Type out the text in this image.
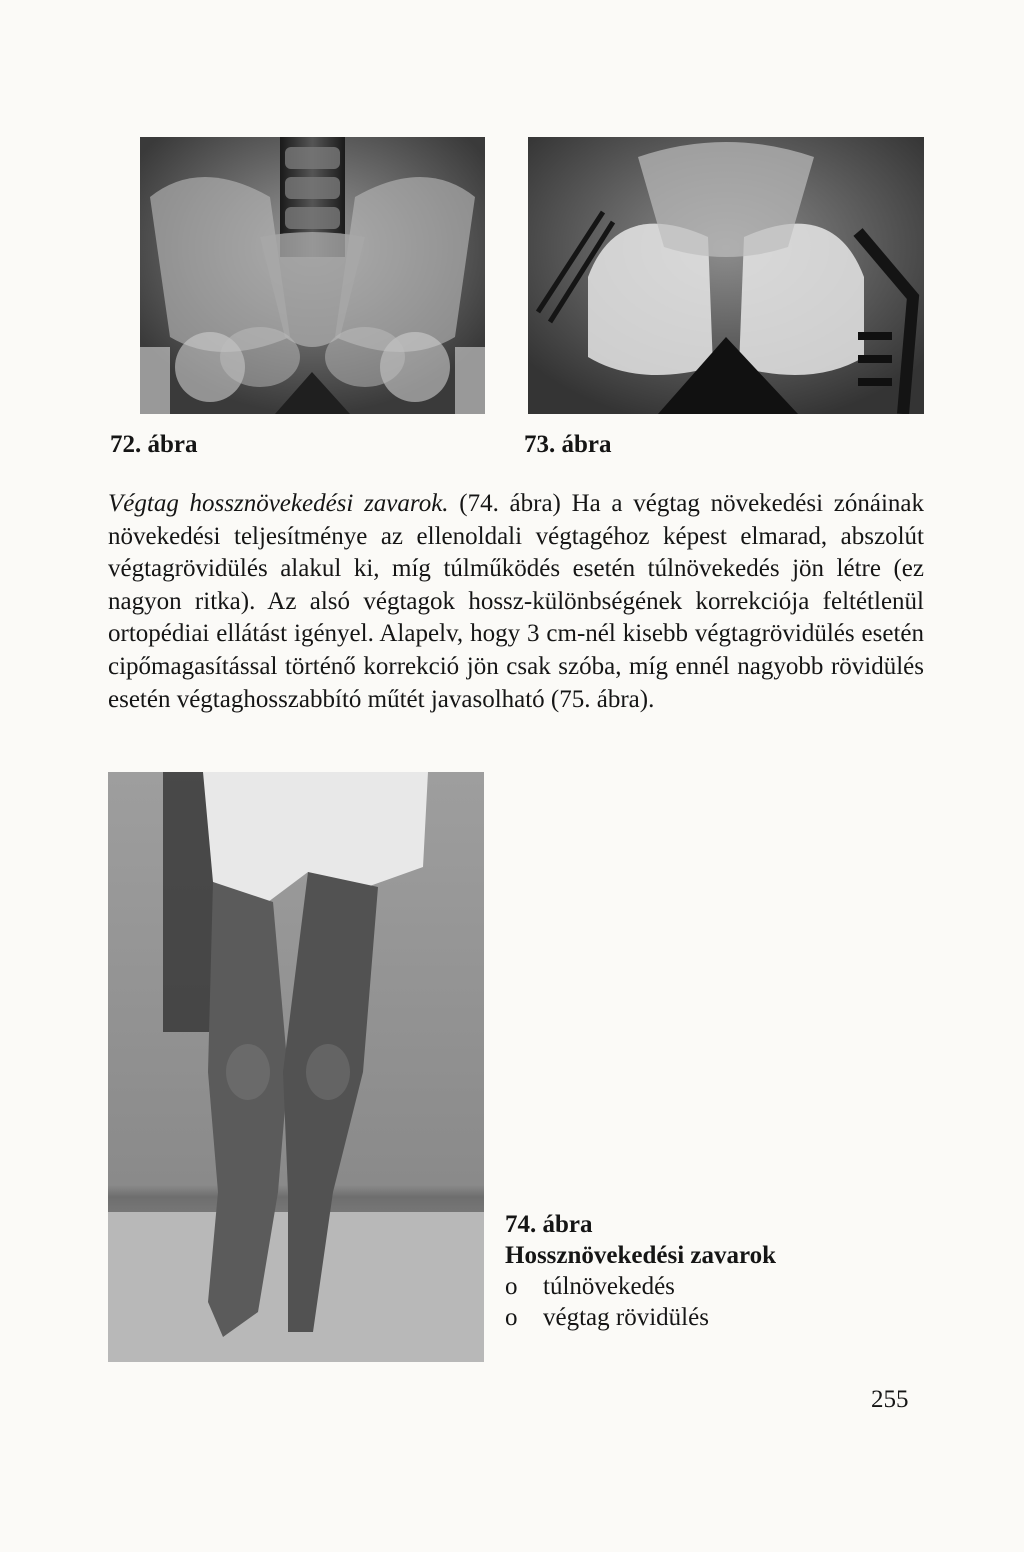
72. ábra	73. ábra
Végtag hossznövekedési zavarok. (74. ábra) Ha a végtag növekedési zónáinak növekedési teljesítménye az ellenoldali végtagéhoz képest elmarad, abszolút végtagrövidülés alakul ki, míg túlműködés esetén túlnövekedés jön létre (ez nagyon ritka). Az alsó végtagok hossz-különbségének korrekciója feltétlenül ortopédiai ellátást igényel. Alapelv, hogy 3 cm-nél kisebb végtagrövidülés esetén cipőmagasítással történő korrekció jön csak szóba, míg ennél nagyobb rövidülés esetén végtaghosszabbító műtét javasolható (75. ábra).
74. ábra
Hossznövekedési zavarok
o	túlnövekedés
o	végtag rövidülés
255
